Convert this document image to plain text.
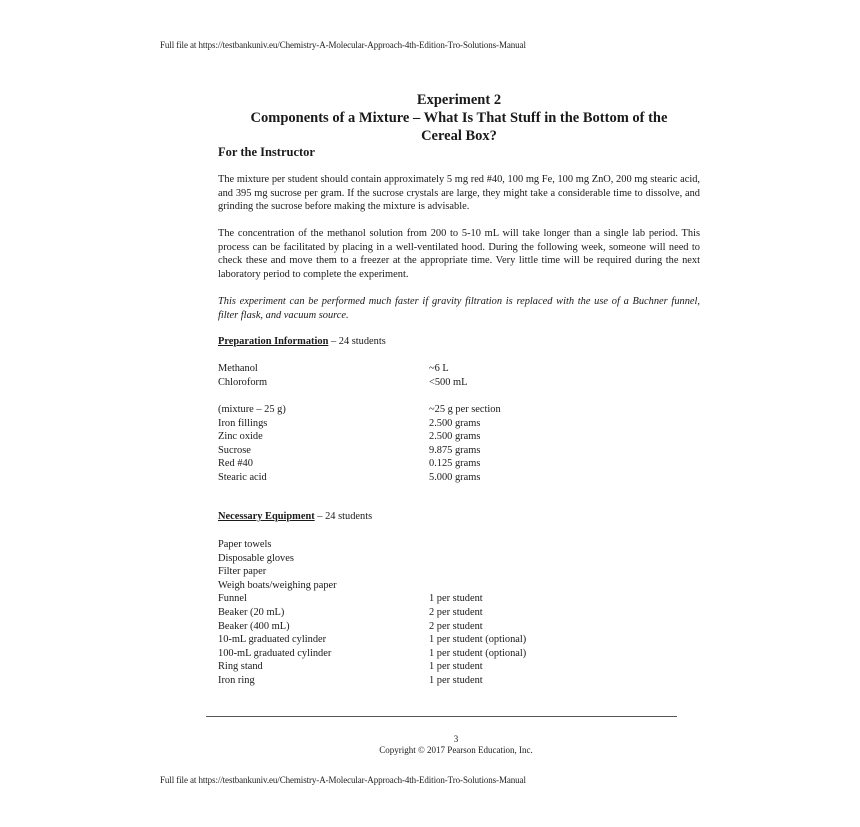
Full file at https://testbankuniv.eu/Chemistry-A-Molecular-Approach-4th-Edition-Tro-Solutions-Manual
Experiment 2
Components of a Mixture – What Is That Stuff in the Bottom of the
Cereal Box?
For the Instructor
The mixture per student should contain approximately 5 mg red #40, 100 mg Fe, 100 mg ZnO, 200 mg stearic acid, and 395 mg sucrose per gram. If the sucrose crystals are large, they might take a considerable time to dissolve, and grinding the sucrose before making the mixture is advisable.
The concentration of the methanol solution from 200 to 5-10 mL will take longer than a single lab period. This process can be facilitated by placing in a well-ventilated hood. During the following week, someone will need to check these and move them to a freezer at the appropriate time. Very little time will be required during the next laboratory period to complete the experiment.
This experiment can be performed much faster if gravity filtration is replaced with the use of a Buchner funnel, filter flask, and vacuum source.
Preparation Information – 24 students
Methanol	~6 L
Chloroform	<500 mL
(mixture – 25 g)	~25 g per section
Iron fillings	2.500 grams
Zinc oxide	2.500 grams
Sucrose	9.875 grams
Red #40	0.125 grams
Stearic acid	5.000 grams
Necessary Equipment – 24 students
Paper towels
Disposable gloves
Filter paper
Weigh boats/weighing paper
Funnel	1 per student
Beaker (20 mL)	2 per student
Beaker (400 mL)	2 per student
10-mL graduated cylinder	1 per student (optional)
100-mL graduated cylinder	1 per student (optional)
Ring stand	1 per student
Iron ring	1 per student
3
Copyright © 2017 Pearson Education, Inc.
Full file at https://testbankuniv.eu/Chemistry-A-Molecular-Approach-4th-Edition-Tro-Solutions-Manual
